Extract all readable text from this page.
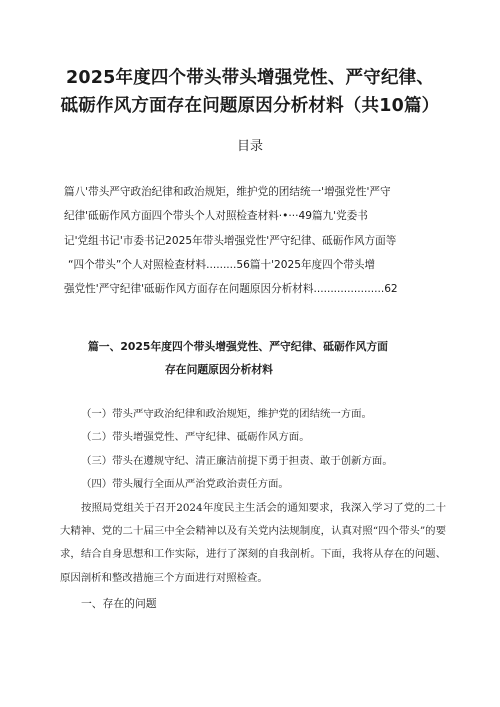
2025年度四个带头带头增强党性、严守纪律、
砥砺作风方面存在问题原因分析材料（共10篇）
目录
篇八'带头严守政治纪律和政治规矩，维护党的团结统一'增强党性'严守
纪律'砥砺作风方面四个带头个人对照检查材料·•···49篇九'党委书
记'党组书记'市委书记2025年带头增强党性'严守纪律、砥砺作风方面等
“四个带头”个人对照检查材料.........56篇十'2025年度四个带头增
强党性'严守纪律'砥砺作风方面存在问题原因分析材料.....................62
篇一、2025年度四个带头增强党性、严守纪律、砥砺作风方面
存在问题原因分析材料

（一）带头严守政治纪律和政治规矩，维护党的团结统一方面。

（二）带头增强党性、严守纪律、砥砺作风方面。

（三）带头在遵规守纪、清正廉洁前提下勇于担责、敢于创新方面。

（四）带头履行全面从严治党政治责任方面。

按照局党组关于召开2024年度民主生活会的通知要求，我深入学习了党的二十大精神、党的二十届三中全会精神以及有关党内法规制度，认真对照“四个带头”的要求，结合自身思想和工作实际，进行了深刻的自我剖析。下面，我将从存在的问题、原因剖析和整改措施三个方面进行对照检查。

一、存在的问题
